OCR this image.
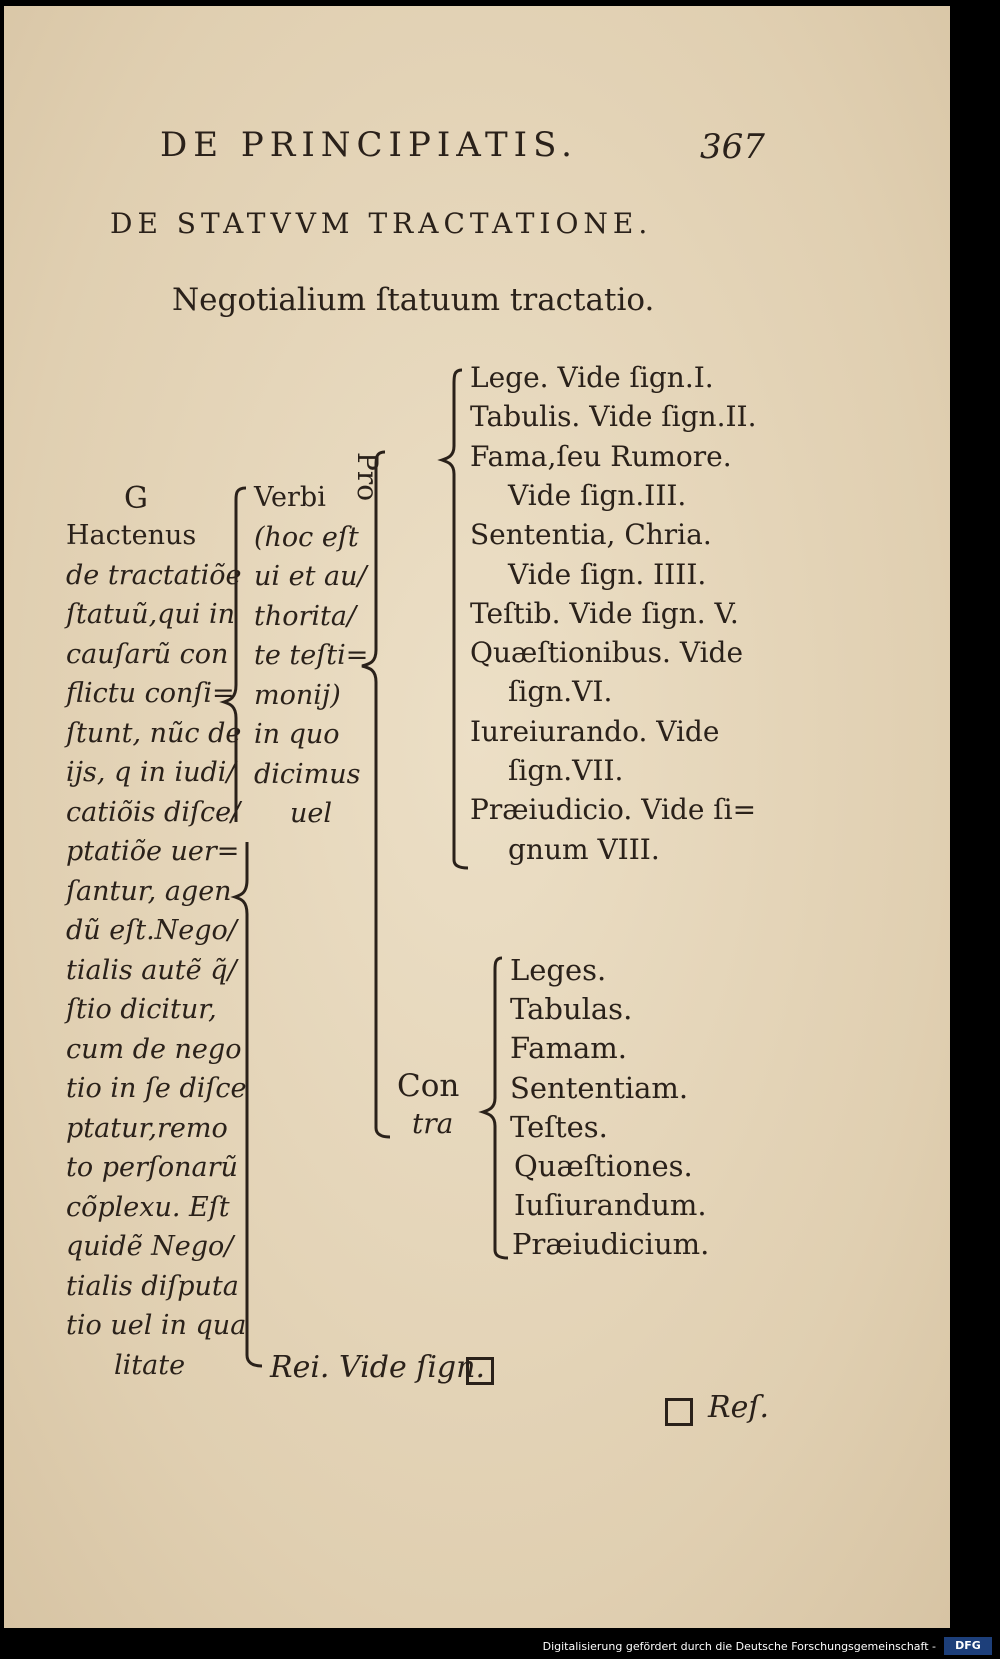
DE PRINCIPIATIS.	367
DE STATVVM TRACTATIONE.
Negotialium ſtatuum tractatio.
G
Hactenus
de tractatiõe
ſtatuũ,qui in
cauſarũ con
flictu conſi=
ſtunt, nũc de
ijs, q in iudi/
catiõis diſce/
ptatiõe uer=
ſantur, agen
dũ eſt.Nego/
tialis autẽ q̃/
ſtio dicitur,
cum de nego
tio in ſe diſce
ptatur,remo
to perſonarũ
cõplexu. Eſt
quidẽ Nego/
tialis diſputa
tio uel in qua
litate
Verbi
(hoc eſt
ui et au/
thorita/
te teſti=
monij)
in quo
dicimus
uel
Pro
Con
tra
Lege. Vide ſign.I.
Tabulis. Vide ſign.II.
Fama,ſeu Rumore.
Vide ſign.III.
Sententia, Chria.
Vide ſign. IIII.
Teſtib. Vide ſign. V.
Quæſtionibus. Vide
ſign.VI.
Iureiurando. Vide
ſign.VII.
Præiudicio. Vide ſi=
gnum VIII.
Leges.
Tabulas.
Famam.
Sententiam.
Teſtes.
Quæſtiones.
Iuſiurandum.
Præiudicium.
Rei. Vide ſign.
Reſ.
Digitalisierung gefördert durch die Deutsche Forschungsgemeinschaft -	DFG
